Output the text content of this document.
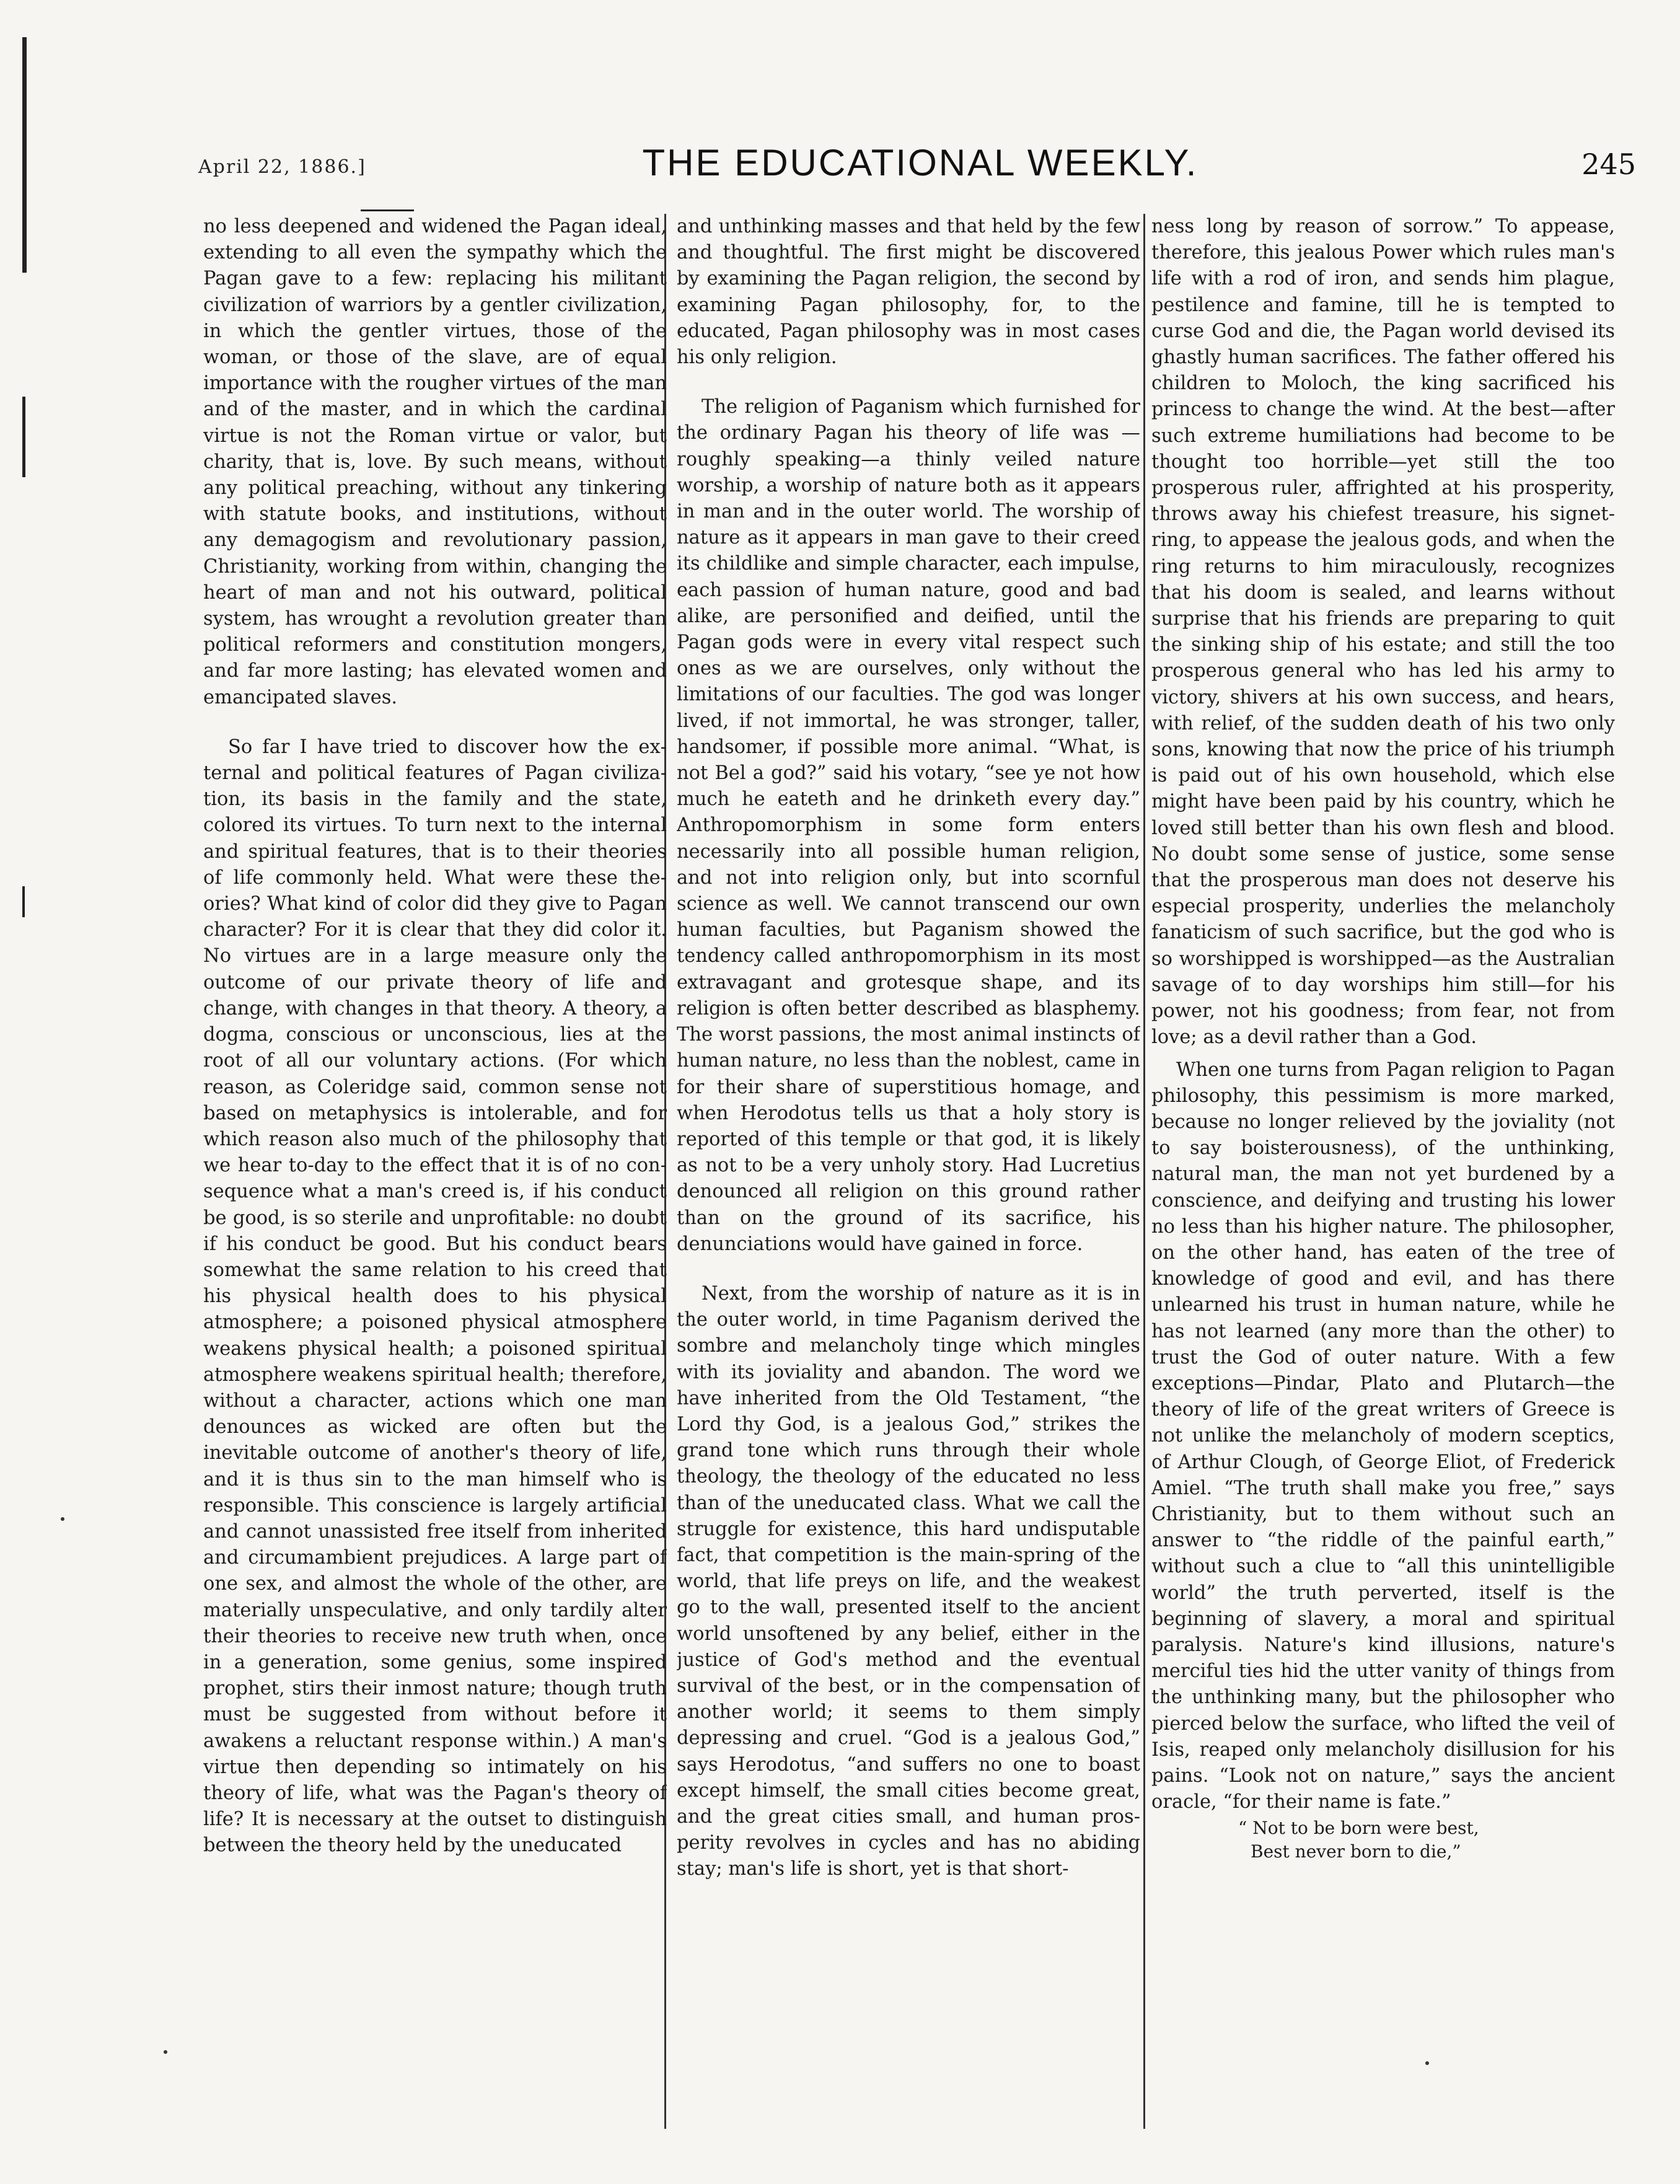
April 22, 1886.]	THE EDUCATIONAL WEEKLY.	245

no less deepened and widened the Pagan ideal, extending to all even the sympathy which the Pagan gave to a few: replacing his militant civilization of warriors by a gentler civilization, in which the gentler virtues, those of the woman, or those of the slave, are of equal importance with the rougher virtues of the man and of the master, and in which the cardinal virtue is not the Roman virtue or valor, but charity, that is, love. By such means, without any political preaching, without any tinkering with statute books, and institutions, without any demagogism and revolutionary passion, Christianity, working from within, changing the heart of man and not his outward, political system, has wrought a revolution greater than political reformers and constitution mongers, and far more lasting; has elevated women and emancipated slaves.

So far I have tried to discover how the external and political features of Pagan civilization, its basis in the family and the state, colored its virtues. To turn next to the internal and spiritual features, that is to their theories of life commonly held. What were these theories? What kind of color did they give to Pagan character? For it is clear that they did color it. No virtues are in a large measure only the outcome of our private theory of life and change, with changes in that theory. A theory, a dogma, conscious or unconscious, lies at the root of all our voluntary actions. (For which reason, as Coleridge said, common sense not based on metaphysics is intolerable, and for which reason also much of the philosophy that we hear to-day to the effect that it is of no consequence what a man's creed is, if his conduct be good, is so sterile and unprofitable: no doubt if his conduct be good. But his conduct bears somewhat the same relation to his creed that his physical health does to his physical atmosphere; a poisoned physical atmosphere weakens physical health; a poisoned spiritual atmosphere weakens spiritual health; therefore, without a character, actions which one man denounces as wicked are often but the inevitable outcome of another's theory of life, and it is thus sin to the man himself who is responsible. This conscience is largely artificial and cannot unassisted free itself from inherited and circumambient prejudices. A large part of one sex, and almost the whole of the other, are materially unspeculative, and only tardily alter their theories to receive new truth when, once in a generation, some genius, some inspired prophet, stirs their inmost nature; though truth must be suggested from without before it awakens a reluctant response within.) A man's virtue then depending so intimately on his theory of life, what was the Pagan's theory of life? It is necessary at the outset to distinguish between the theory held by the uneducated

and unthinking masses and that held by the few and thoughtful. The first might be discovered by examining the Pagan religion, the second by examining Pagan philosophy, for, to the educated, Pagan philosophy was in most cases his only religion.

The religion of Paganism which furnished for the ordinary Pagan his theory of life was —roughly speaking—a thinly veiled nature worship, a worship of nature both as it appears in man and in the outer world. The worship of nature as it appears in man gave to their creed its childlike and simple character, each impulse, each passion of human nature, good and bad alike, are personified and deified, until the Pagan gods were in every vital respect such ones as we are ourselves, only without the limitations of our faculties. The god was longer lived, if not immortal, he was stronger, taller, handsomer, if possible more animal. “What, is not Bel a god?” said his votary, “see ye not how much he eateth and he drinketh every day.” Anthropomorphism in some form enters necessarily into all possible human religion, and not into religion only, but into scornful science as well. We cannot transcend our own human faculties, but Paganism showed the tendency called anthropomorphism in its most extravagant and grotesque shape, and its religion is often better described as blasphemy. The worst passions, the most animal instincts of human nature, no less than the noblest, came in for their share of superstitious homage, and when Herodotus tells us that a holy story is reported of this temple or that god, it is likely as not to be a very unholy story. Had Lucretius denounced all religion on this ground rather than on the ground of its sacrifice, his denunciations would have gained in force.

Next, from the worship of nature as it is in the outer world, in time Paganism derived the sombre and melancholy tinge which mingles with its joviality and abandon. The word we have inherited from the Old Testament, “the Lord thy God, is a jealous God,” strikes the grand tone which runs through their whole theology, the theology of the educated no less than of the uneducated class. What we call the struggle for existence, this hard undisputable fact, that competition is the main-spring of the world, that life preys on life, and the weakest go to the wall, presented itself to the ancient world unsoftened by any belief, either in the justice of God's method and the eventual survival of the best, or in the compensation of another world; it seems to them simply depressing and cruel. “God is a jealous God,” says Herodotus, “and suffers no one to boast except himself, the small cities become great, and the great cities small, and human prosperity revolves in cycles and has no abiding stay; man's life is short, yet is that short-

ness long by reason of sorrow.” To appease, therefore, this jealous Power which rules man's life with a rod of iron, and sends him plague, pestilence and famine, till he is tempted to curse God and die, the Pagan world devised its ghastly human sacrifices. The father offered his children to Moloch, the king sacrificed his princess to change the wind. At the best—after such extreme humiliations had become to be thought too horrible—yet still the too prosperous ruler, affrighted at his prosperity, throws away his chiefest treasure, his signet-ring, to appease the jealous gods, and when the ring returns to him miraculously, recognizes that his doom is sealed, and learns without surprise that his friends are preparing to quit the sinking ship of his estate; and still the too prosperous general who has led his army to victory, shivers at his own success, and hears, with relief, of the sudden death of his two only sons, knowing that now the price of his triumph is paid out of his own household, which else might have been paid by his country, which he loved still better than his own flesh and blood. No doubt some sense of justice, some sense that the prosperous man does not deserve his especial prosperity, underlies the melancholy fanaticism of such sacrifice, but the god who is so worshipped is worshipped—as the Australian savage of to day worships him still—for his power, not his goodness; from fear, not from love; as a devil rather than a God.

When one turns from Pagan religion to Pagan philosophy, this pessimism is more marked, because no longer relieved by the joviality (not to say boisterousness), of the unthinking, natural man, the man not yet burdened by a conscience, and deifying and trusting his lower no less than his higher nature. The philosopher, on the other hand, has eaten of the tree of knowledge of good and evil, and has there unlearned his trust in human nature, while he has not learned (any more than the other) to trust the God of outer nature. With a few exceptions—Pindar, Plato and Plutarch—the theory of life of the great writers of Greece is not unlike the melancholy of modern sceptics, of Arthur Clough, of George Eliot, of Frederick Amiel. “The truth shall make you free,” says Christianity, but to them without such an answer to “the riddle of the painful earth,” without such a clue to “all this unintelligible world” the truth perverted, itself is the beginning of slavery, a moral and spiritual paralysis. Nature's kind illusions, nature's merciful ties hid the utter vanity of things from the unthinking many, but the philosopher who pierced below the surface, who lifted the veil of Isis, reaped only melancholy disillusion for his pains. “Look not on nature,” says the ancient oracle, “for their name is fate.”

“ Not to be born were best,
Best never born to die,”
